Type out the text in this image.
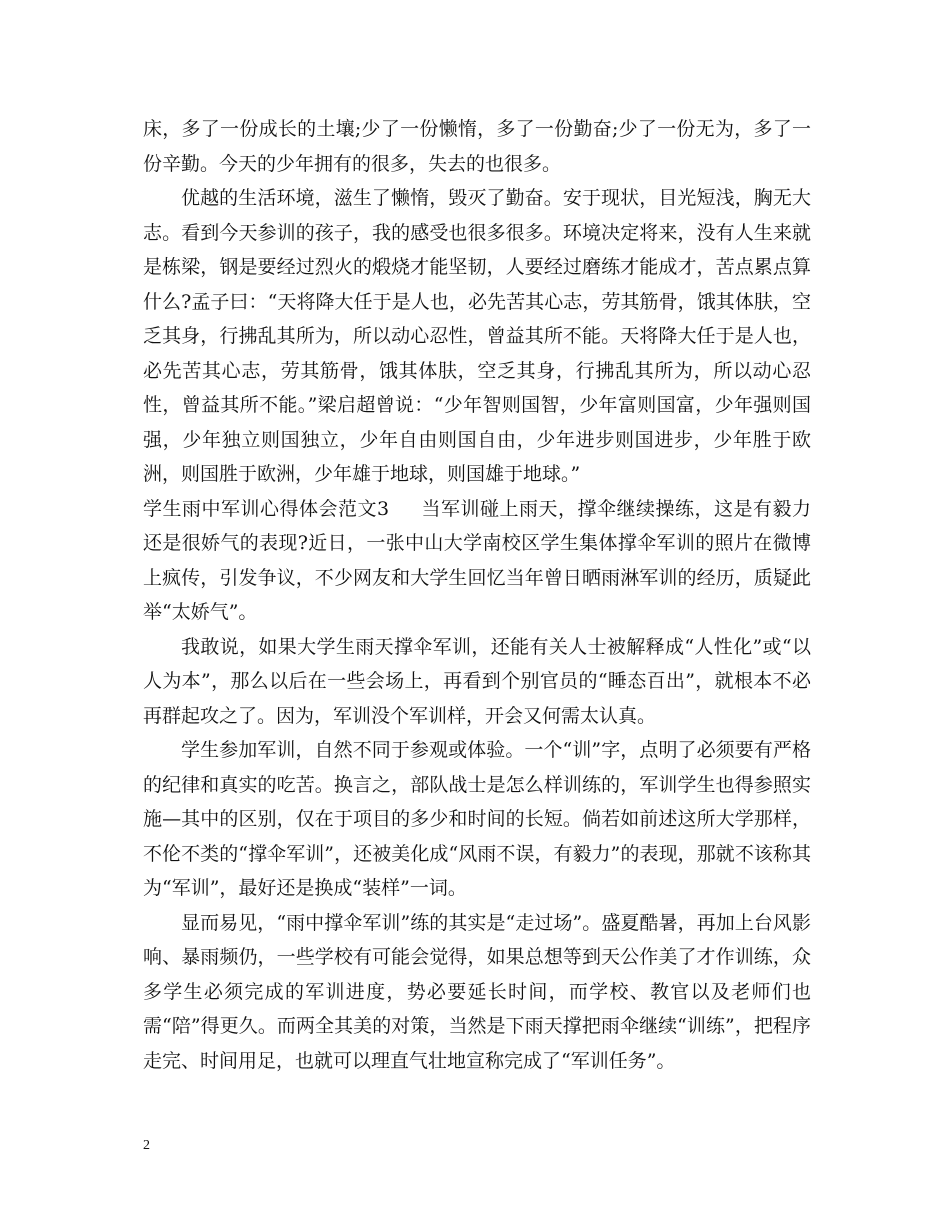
床，多了一份成长的土壤;少了一份懒惰，多了一份勤奋;少了一份无为，多了一份辛勤。今天的少年拥有的很多，失去的也很多。

优越的生活环境，滋生了懒惰，毁灭了勤奋。安于现状，目光短浅，胸无大志。看到今天参训的孩子，我的感受也很多很多。环境决定将来，没有人生来就是栋梁，钢是要经过烈火的煅烧才能坚韧，人要经过磨练才能成才，苦点累点算什么?孟子曰：“天将降大任于是人也，必先苦其心志，劳其筋骨，饿其体肤，空乏其身，行拂乱其所为，所以动心忍性，曾益其所不能。天将降大任于是人也，必先苦其心志，劳其筋骨，饿其体肤，空乏其身，行拂乱其所为，所以动心忍性，曾益其所不能。”梁启超曾说：“少年智则国智，少年富则国富，少年强则国强，少年独立则国独立，少年自由则国自由，少年进步则国进步，少年胜于欧洲，则国胜于欧洲，少年雄于地球，则国雄于地球。”

学生雨中军训心得体会范文3 当军训碰上雨天，撑伞继续操练，这是有毅力还是很娇气的表现?近日，一张中山大学南校区学生集体撑伞军训的照片在微博上疯传，引发争议，不少网友和大学生回忆当年曾日晒雨淋军训的经历，质疑此举“太娇气”。

我敢说，如果大学生雨天撑伞军训，还能有关人士被解释成“人性化”或“以人为本”，那么以后在一些会场上，再看到个别官员的“睡态百出”，就根本不必再群起攻之了。因为，军训没个军训样，开会又何需太认真。

学生参加军训，自然不同于参观或体验。一个“训”字，点明了必须要有严格的纪律和真实的吃苦。换言之，部队战士是怎么样训练的，军训学生也得参照实施—其中的区别，仅在于项目的多少和时间的长短。倘若如前述这所大学那样，不伦不类的“撑伞军训”，还被美化成“风雨不误，有毅力”的表现，那就不该称其为“军训”，最好还是换成“装样”一词。

显而易见，“雨中撑伞军训”练的其实是“走过场”。盛夏酷暑，再加上台风影响、暴雨频仍，一些学校有可能会觉得，如果总想等到天公作美了才作训练，众多学生必须完成的军训进度，势必要延长时间，而学校、教官以及老师们也需“陪”得更久。而两全其美的对策，当然是下雨天撑把雨伞继续“训练”，把程序走完、时间用足，也就可以理直气壮地宣称完成了“军训任务”。

2
